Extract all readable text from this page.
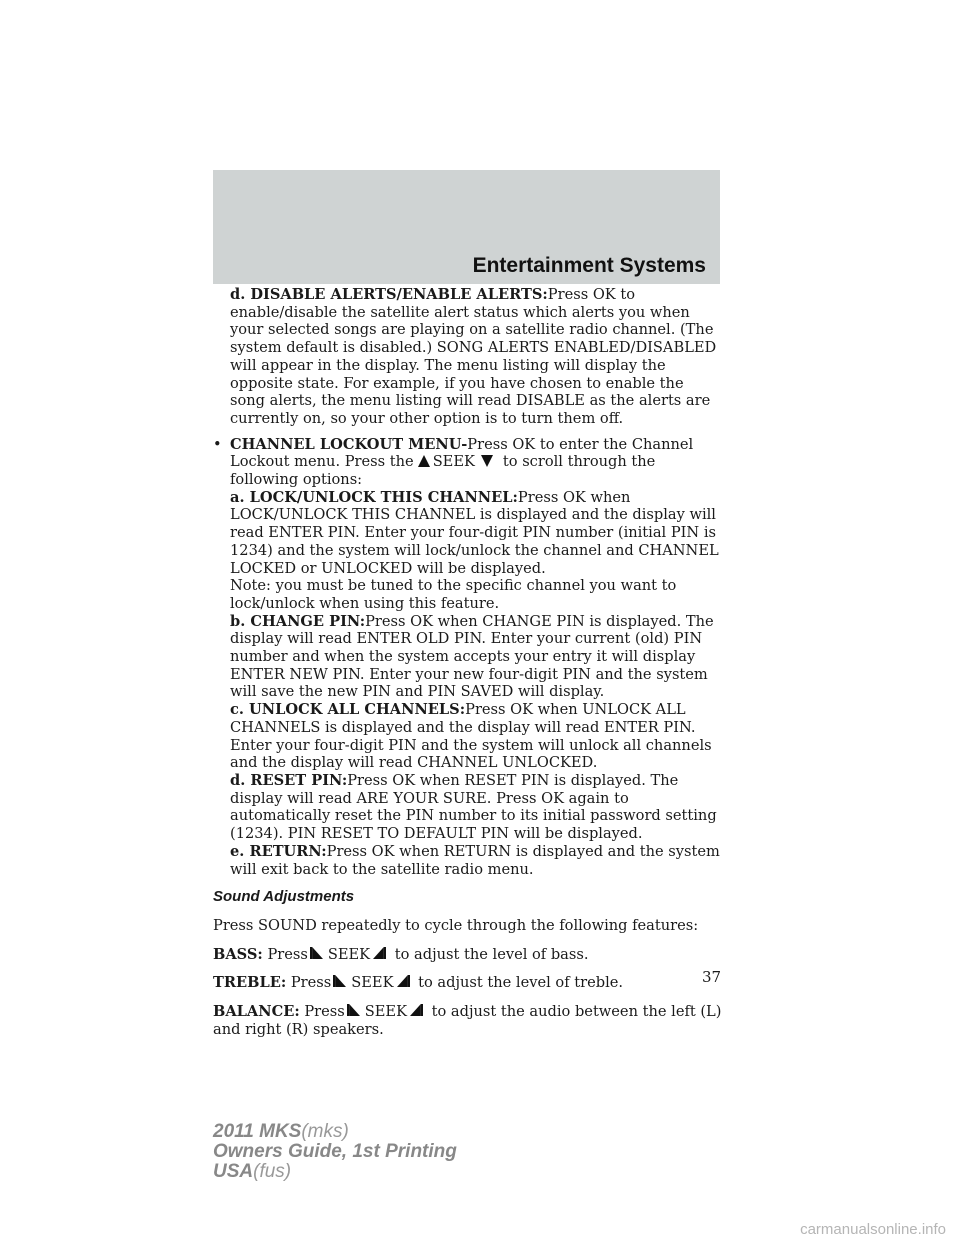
Entertainment Systems

d. DISABLE ALERTS/ENABLE ALERTS:Press OK to enable/disable the satellite alert status which alerts you when your selected songs are playing on a satellite radio channel. (The system default is disabled.) SONG ALERTS ENABLED/DISABLED will appear in the display. The menu listing will display the opposite state. For example, if you have chosen to enable the song alerts, the menu listing will read DISABLE as the alerts are currently on, so your other option is to turn them off.

• CHANNEL LOCKOUT MENU-Press OK to enter the Channel Lockout menu. Press the SEEK to scroll through the following options:

a. LOCK/UNLOCK THIS CHANNEL:Press OK when LOCK/UNLOCK THIS CHANNEL is displayed and the display will read ENTER PIN. Enter your four-digit PIN number (initial PIN is 1234) and the system will lock/unlock the channel and CHANNEL LOCKED or UNLOCKED will be displayed.

Note: you must be tuned to the specific channel you want to lock/unlock when using this feature.

b. CHANGE PIN:Press OK when CHANGE PIN is displayed. The display will read ENTER OLD PIN. Enter your current (old) PIN number and when the system accepts your entry it will display ENTER NEW PIN. Enter your new four-digit PIN and the system will save the new PIN and PIN SAVED will display.

c. UNLOCK ALL CHANNELS:Press OK when UNLOCK ALL CHANNELS is displayed and the display will read ENTER PIN. Enter your four-digit PIN and the system will unlock all channels and the display will read CHANNEL UNLOCKED.

d. RESET PIN:Press OK when RESET PIN is displayed. The display will read ARE YOUR SURE. Press OK again to automatically reset the PIN number to its initial password setting (1234). PIN RESET TO DEFAULT PIN will be displayed.

e. RETURN:Press OK when RETURN is displayed and the system will exit back to the satellite radio menu.

Sound Adjustments

Press SOUND repeatedly to cycle through the following features:

BASS: Press SEEK to adjust the level of bass.

TREBLE: Press SEEK to adjust the level of treble.

BALANCE: Press SEEK to adjust the audio between the left (L) and right (R) speakers.

37
2011 MKS(mks)
Owners Guide, 1st Printing
USA(fus)
carmanualsonline.info
